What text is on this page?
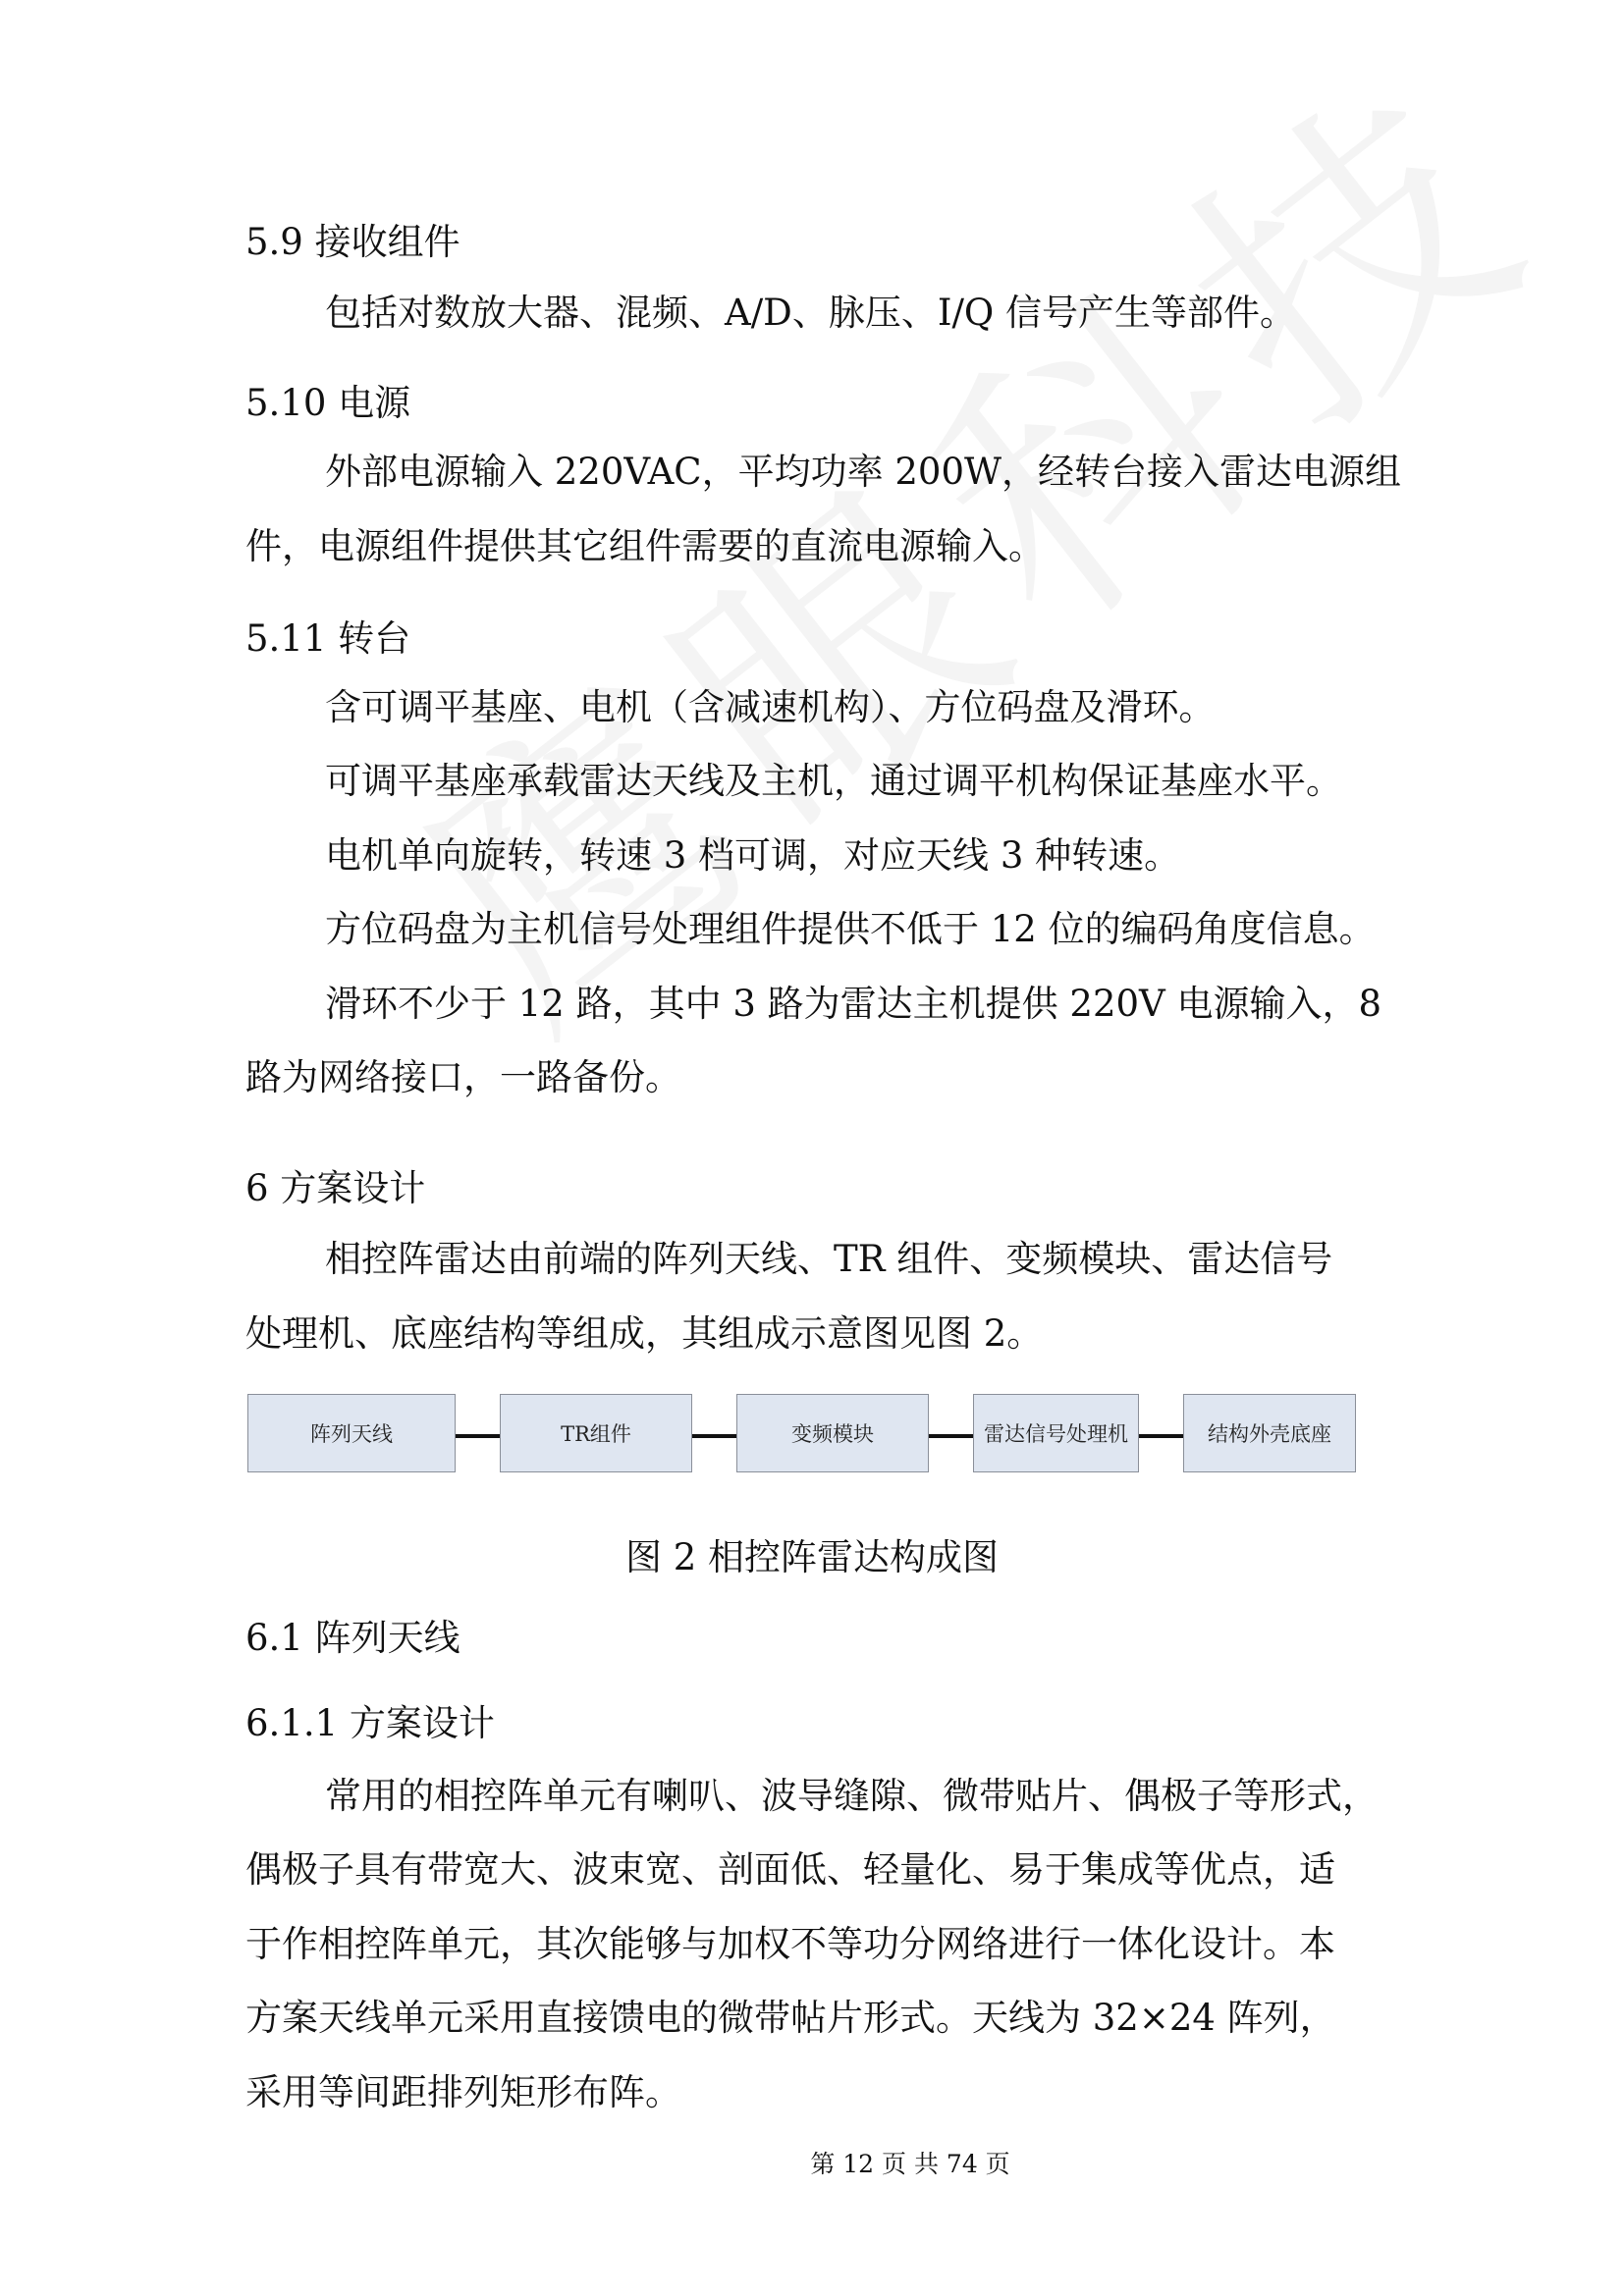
5.9 接收组件
包括对数放大器、混频、A/D、脉压、I/Q 信号产生等部件。
5.10 电源
外部电源输入 220VAC，平均功率 200W，经转台接入雷达电源组
件，电源组件提供其它组件需要的直流电源输入。
5.11 转台
含可调平基座、电机（含减速机构）、方位码盘及滑环。
可调平基座承载雷达天线及主机，通过调平机构保证基座水平。
电机单向旋转，转速 3 档可调，对应天线 3 种转速。
方位码盘为主机信号处理组件提供不低于 12 位的编码角度信息。
滑环不少于 12 路，其中 3 路为雷达主机提供 220V 电源输入，8
路为网络接口，一路备份。
6 方案设计
相控阵雷达由前端的阵列天线、TR 组件、变频模块、雷达信号
处理机、底座结构等组成，其组成示意图见图 2。
阵列天线	TR组件	变频模块	雷达信号处理机	结构外壳底座
图 2 相控阵雷达构成图
6.1 阵列天线
6.1.1 方案设计
常用的相控阵单元有喇叭、波导缝隙、微带贴片、偶极子等形式，
偶极子具有带宽大、波束宽、剖面低、轻量化、易于集成等优点，适
于作相控阵单元，其次能够与加权不等功分网络进行一体化设计。本
方案天线单元采用直接馈电的微带帖片形式。天线为 32×24 阵列，
采用等间距排列矩形布阵。
第 12 页 共 74 页
